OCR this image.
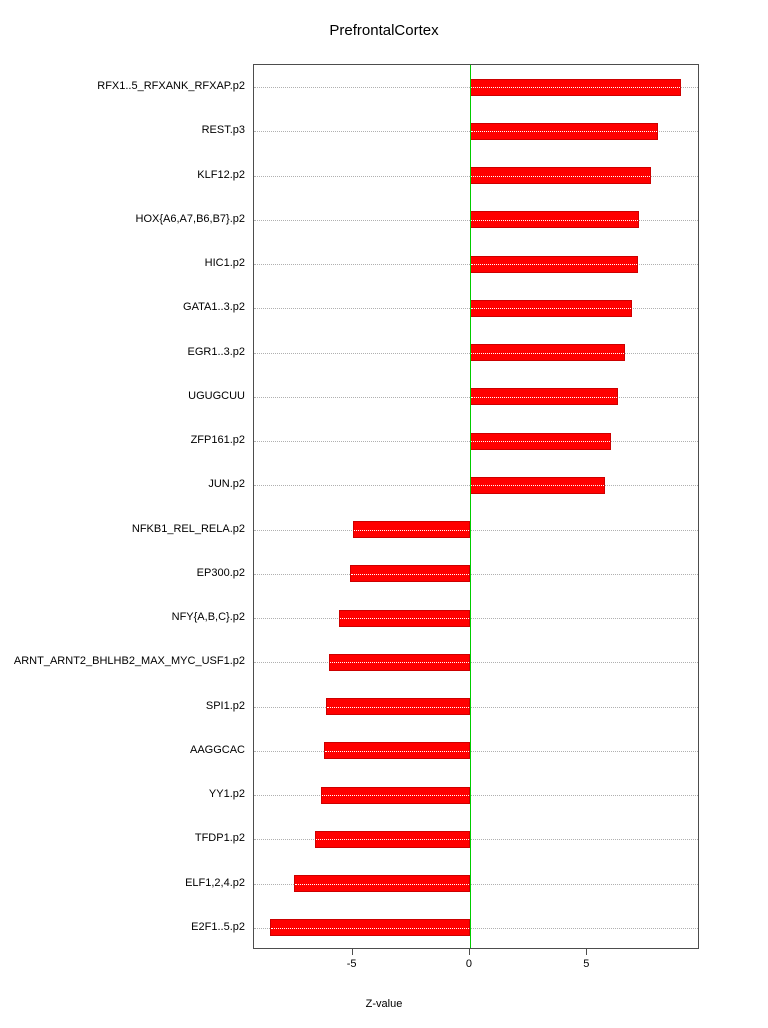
PrefrontalCortex
RFX1..5_RFXANK_RFXAP.p2
REST.p3
KLF12.p2
HOX{A6,A7,B6,B7}.p2
HIC1.p2
GATA1..3.p2
EGR1..3.p2
UGUGCUU
ZFP161.p2
JUN.p2
NFKB1_REL_RELA.p2
EP300.p2
NFY{A,B,C}.p2
ARNT_ARNT2_BHLHB2_MAX_MYC_USF1.p2
SPI1.p2
AAGGCAC
YY1.p2
TFDP1.p2
ELF1,2,4.p2
E2F1..5.p2
-5	0	5
Z-value
